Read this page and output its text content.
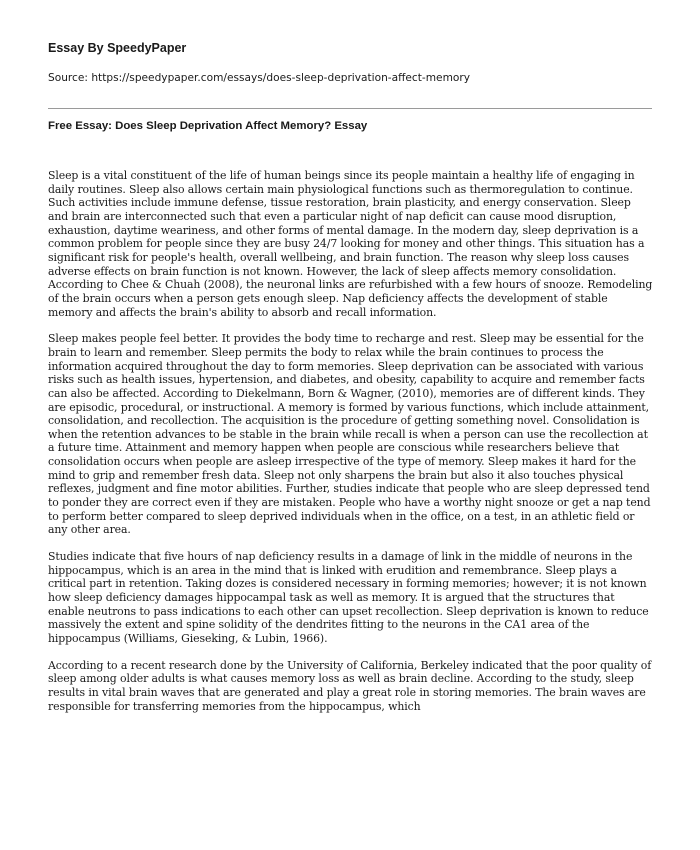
Essay By SpeedyPaper

Source: https://speedypaper.com/essays/does-sleep-deprivation-affect-memory

Free Essay: Does Sleep Deprivation Affect Memory? Essay

Sleep is a vital constituent of the life of human beings since its people maintain a healthy life of engaging in daily routines. Sleep also allows certain main physiological functions such as thermoregulation to continue. Such activities include immune defense, tissue restoration, brain plasticity, and energy conservation. Sleep and brain are interconnected such that even a particular night of nap deficit can cause mood disruption, exhaustion, daytime weariness, and other forms of mental damage. In the modern day, sleep deprivation is a common problem for people since they are busy 24/7 looking for money and other things. This situation has a significant risk for people's health, overall wellbeing, and brain function. The reason why sleep loss causes adverse effects on brain function is not known. However, the lack of sleep affects memory consolidation. According to Chee & Chuah (2008), the neuronal links are refurbished with a few hours of snooze. Remodeling of the brain occurs when a person gets enough sleep. Nap deficiency affects the development of stable memory and affects the brain's ability to absorb and recall information.

Sleep makes people feel better. It provides the body time to recharge and rest. Sleep may be essential for the brain to learn and remember. Sleep permits the body to relax while the brain continues to process the information acquired throughout the day to form memories. Sleep deprivation can be associated with various risks such as health issues, hypertension, and diabetes, and obesity, capability to acquire and remember facts can also be affected. According to Diekelmann, Born & Wagner, (2010), memories are of different kinds. They are episodic, procedural, or instructional. A memory is formed by various functions, which include attainment, consolidation, and recollection. The acquisition is the procedure of getting something novel. Consolidation is when the retention advances to be stable in the brain while recall is when a person can use the recollection at a future time. Attainment and memory happen when people are conscious while researchers believe that consolidation occurs when people are asleep irrespective of the type of memory. Sleep makes it hard for the mind to grip and remember fresh data. Sleep not only sharpens the brain but also it also touches physical reflexes, judgment and fine motor abilities. Further, studies indicate that people who are sleep depressed tend to ponder they are correct even if they are mistaken. People who have a worthy night snooze or get a nap tend to perform better compared to sleep deprived individuals when in the office, on a test, in an athletic field or any other area.

Studies indicate that five hours of nap deficiency results in a damage of link in the middle of neurons in the hippocampus, which is an area in the mind that is linked with erudition and remembrance. Sleep plays a critical part in retention. Taking dozes is considered necessary in forming memories; however; it is not known how sleep deficiency damages hippocampal task as well as memory. It is argued that the structures that enable neutrons to pass indications to each other can upset recollection. Sleep deprivation is known to reduce massively the extent and spine solidity of the dendrites fitting to the neurons in the CA1 area of the hippocampus (Williams, Gieseking, & Lubin, 1966).

According to a recent research done by the University of California, Berkeley indicated that the poor quality of sleep among older adults is what causes memory loss as well as brain decline. According to the study, sleep results in vital brain waves that are generated and play a great role in storing memories. The brain waves are responsible for transferring memories from the hippocampus, which
